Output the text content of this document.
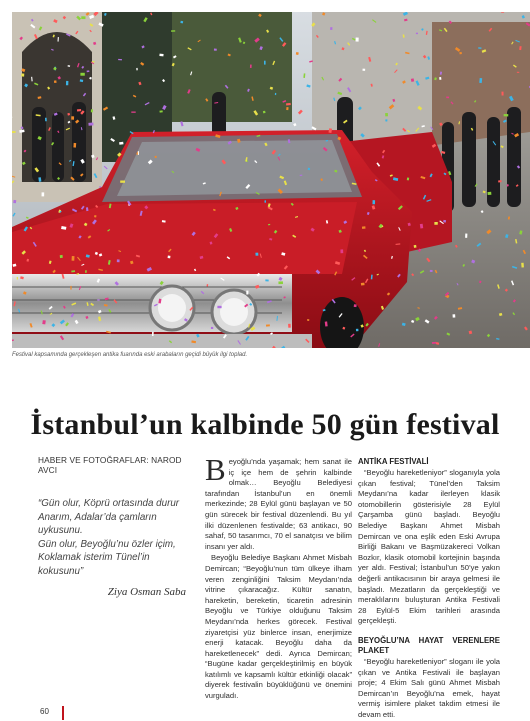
Festival kapsamında gerçekleşen antika fuarında eski arabaların geçidi büyük ilgi toplad.
İstanbul’un kalbinde 50 gün festival
HABER VE FOTOĞRAFLAR: NAROD AVCI

“Gün olur, Köprü ortasında durur

Anarım, Adalar’da çamların

uykusunu.

Gün olur, Beyoğlu’nu özler içim,

Koklamak isterim Tünel’in

kokusunu”

Ziya Osman Saba

Beyoğlu’nda yaşamak; hem sanat ile iç içe hem de şehrin kalbinde olmak… Beyoğlu Belediyesi tarafından İstanbul’un en önemli merkezinde; 28 Eylül günü başlayan ve 50 gün sürecek bir festival düzenlendi. Bu yıl ilki düzenlenen festivalde; 63 antikacı, 90 sahaf, 50 tasarımcı, 70 el sanatçısı ve bilim insanı yer aldı.

Beyoğlu Belediye Başkanı Ahmet Misbah Demircan; “Beyoğlu’nun tüm ülkeye ilham veren zenginliğini Taksim Meydanı’nda vitrine çıkaracağız. Kültür sanatın, hareketin, bereketin, ticaretin adresinin Beyoğlu ve Türkiye olduğunu Taksim Meydanı’nda herkes görecek. Festival ziyaretçisi yüz binlerce insan, enerjimize enerji katacak. Beyoğlu daha da hareketlenecek” dedi. Ayrıca Demircan; “Bugüne kadar gerçekleştirilmiş en büyük katılımlı ve kapsamlı kültür etkinliği olacak” diyerek festivalin büyüklüğünü ve önemini vurguladı.

ANTİKA FESTİVALİ

“Beyoğlu hareketleniyor” sloganıyla yola çıkan festival; Tünel’den Taksim Meydanı’na kadar ilerleyen klasik otomobillerin gösterisiyle 28 Eylül Çarşamba günü başladı. Beyoğlu Belediye Başkanı Ahmet Misbah Demircan ve ona eşlik eden Eski Avrupa Birliği Bakanı ve Başmüzakereci Volkan Bozkır, klasik otomobil kortejinin başında yer aldı. Festival; İstanbul’un 50’ye yakın değerli antikacısının bir araya gelmesi ile başladı. Mezatların da gerçekleştiği ve meraklılarını buluşturan Antika Festivali 28 Eylül-5 Ekim tarihleri arasında gerçekleşti.

BEYOĞLU’NA HAYAT VERENLERE PLAKET

“Beyoğlu hareketleniyor” sloganı ile yola çıkan ve Antika Festivali ile başlayan proje; 4 Ekim Salı günü Ahmet Misbah Demircan’ın Beyoğlu’na emek, hayat vermiş isimlere plaket takdim etmesi ile devam etti.

60
